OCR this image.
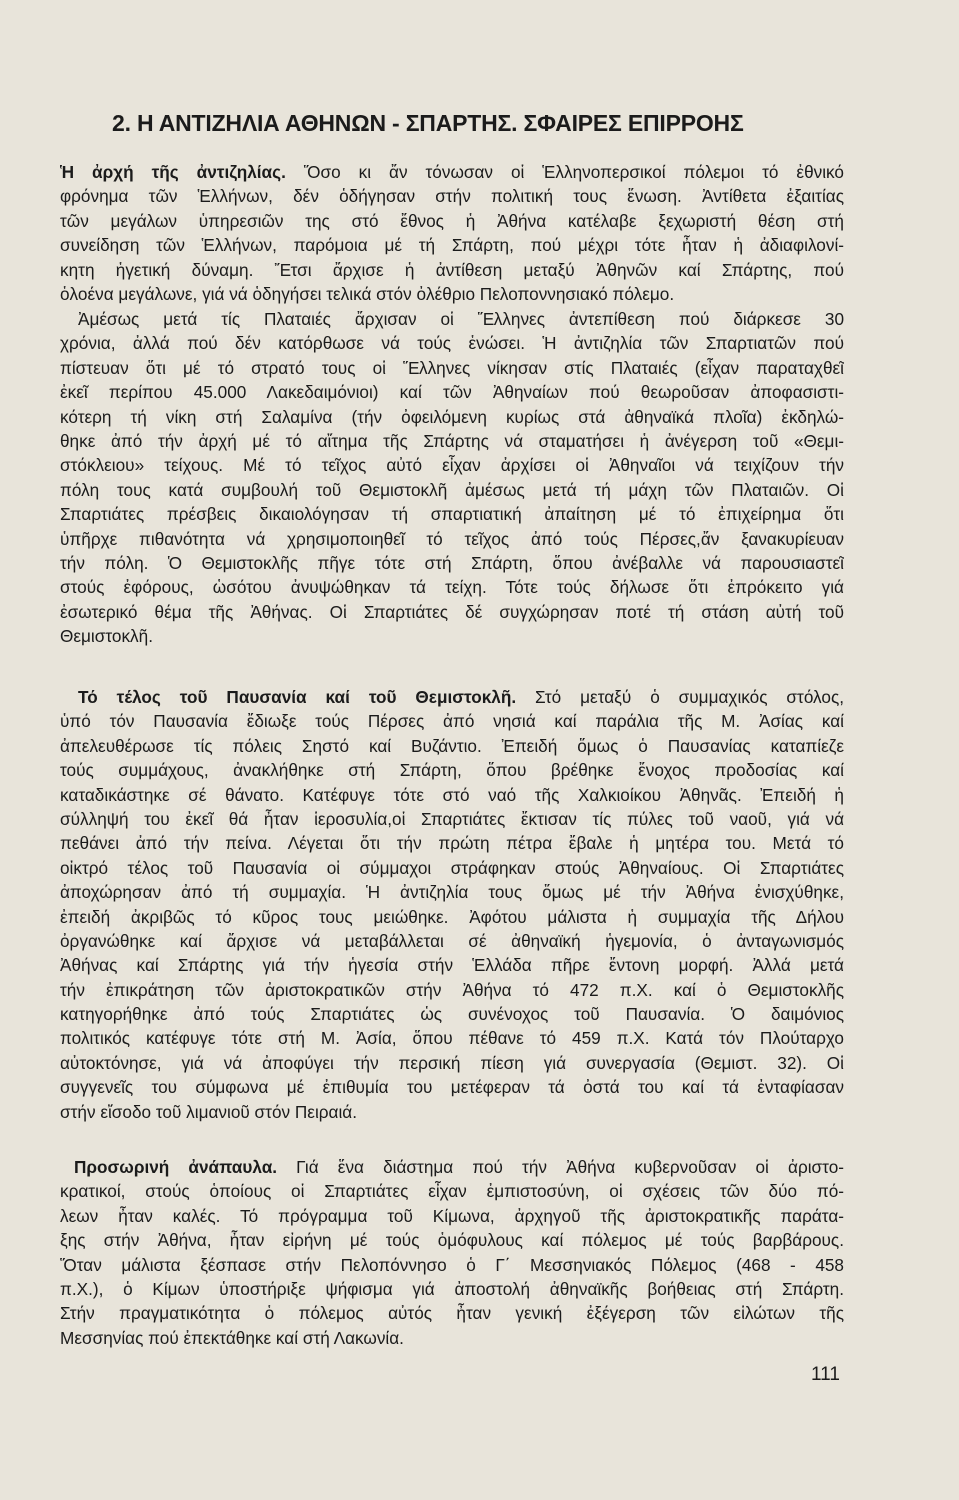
2. Η ΑΝΤΙΖΗΛΙΑ ΑΘΗΝΩΝ - ΣΠΑΡΤΗΣ. ΣΦΑΙΡΕΣ ΕΠΙΡΡΟΗΣ
Ἡ ἀρχή τῆς ἀντιζηλίας. Ὅσο κι ἄν τόνωσαν οἱ Ἑλληνοπερσικοί πόλεμοι τό ἐθνικό
φρόνημα τῶν Ἑλλήνων, δέν ὁδήγησαν στήν πολιτική τους ἕνωση. Ἀντίθετα ἐξαιτίας
τῶν μεγάλων ὑπηρεσιῶν της στό ἔθνος ἡ Ἀθήνα κατέλαβε ξεχωριστή θέση στή
συνείδηση τῶν Ἑλλήνων, παρόμοια μέ τή Σπάρτη, πού μέχρι τότε ἦταν ἡ ἀδιαφιλονί-
κητη ἡγετική δύναμη. Ἔτσι ἄρχισε ἡ ἀντίθεση μεταξύ Ἀθηνῶν καί Σπάρτης, πού
ὁλοένα μεγάλωνε, γιά νά ὁδηγήσει τελικά στόν ὀλέθριο Πελοποννησιακό πόλεμο.
Ἀμέσως μετά τίς Πλαταιές ἄρχισαν οἱ Ἕλληνες ἀντεπίθεση πού διάρκεσε 30
χρόνια, ἀλλά πού δέν κατόρθωσε νά τούς ἑνώσει. Ἡ ἀντιζηλία τῶν Σπαρτιατῶν πού
πίστευαν ὅτι μέ τό στρατό τους οἱ Ἕλληνες νίκησαν στίς Πλαταιές (εἶχαν παραταχθεῖ
ἐκεῖ περίπου 45.000 Λακεδαιμόνιοι) καί τῶν Ἀθηναίων πού θεωροῦσαν ἀποφασιστι-
κότερη τή νίκη στή Σαλαμίνα (τήν ὀφειλόμενη κυρίως στά ἀθηναϊκά πλοῖα) ἐκδηλώ-
θηκε ἀπό τήν ἀρχή μέ τό αἴτημα τῆς Σπάρτης νά σταματήσει ἡ ἀνέγερση τοῦ «Θεμι-
στόκλειου» τείχους. Μέ τό τεῖχος αὐτό εἶχαν ἀρχίσει οἱ Ἀθηναῖοι νά τειχίζουν τήν
πόλη τους κατά συμβουλή τοῦ Θεμιστοκλῆ ἀμέσως μετά τή μάχη τῶν Πλαταιῶν. Οἱ
Σπαρτιάτες πρέσβεις δικαιολόγησαν τή σπαρτιατική ἀπαίτηση μέ τό ἐπιχείρημα ὅτι
ὑπῆρχε πιθανότητα νά χρησιμοποιηθεῖ τό τεῖχος ἀπό τούς Πέρσες,ἄν ξανακυρίευαν
τήν πόλη. Ὁ Θεμιστοκλῆς πῆγε τότε στή Σπάρτη, ὅπου ἀνέβαλλε νά παρουσιαστεῖ
στούς ἐφόρους, ὡσότου ἀνυψώθηκαν τά τείχη. Τότε τούς δήλωσε ὅτι ἐπρόκειτο γιά
ἐσωτερικό θέμα τῆς Ἀθήνας. Οἱ Σπαρτιάτες δέ συγχώρησαν ποτέ τή στάση αὐτή τοῦ
Θεμιστοκλῆ.
Τό τέλος τοῦ Παυσανία καί τοῦ Θεμιστοκλῆ. Στό μεταξύ ὁ συμμαχικός στόλος,
ὑπό τόν Παυσανία ἔδιωξε τούς Πέρσες ἀπό νησιά καί παράλια τῆς Μ. Ἀσίας καί
ἀπελευθέρωσε τίς πόλεις Σηστό καί Βυζάντιο. Ἐπειδή ὅμως ὁ Παυσανίας καταπίεζε
τούς συμμάχους, ἀνακλήθηκε στή Σπάρτη, ὅπου βρέθηκε ἔνοχος προδοσίας καί
καταδικάστηκε σέ θάνατο. Κατέφυγε τότε στό ναό τῆς Χαλκιοίκου Ἀθηνᾶς. Ἐπειδή ἡ
σύλληψή του ἐκεῖ θά ἦταν ἱεροσυλία,οἱ Σπαρτιάτες ἔκτισαν τίς πύλες τοῦ ναοῦ, γιά νά
πεθάνει ἀπό τήν πείνα. Λέγεται ὅτι τήν πρώτη πέτρα ἔβαλε ἡ μητέρα του. Μετά τό
οἰκτρό τέλος τοῦ Παυσανία οἱ σύμμαχοι στράφηκαν στούς Ἀθηναίους. Οἱ Σπαρτιάτες
ἀποχώρησαν ἀπό τή συμμαχία. Ἡ ἀντιζηλία τους ὅμως μέ τήν Ἀθήνα ἐνισχύθηκε,
ἐπειδή ἀκριβῶς τό κῦρος τους μειώθηκε. Ἀφότου μάλιστα ἡ συμμαχία τῆς Δήλου
ὀργανώθηκε καί ἄρχισε νά μεταβάλλεται σέ ἀθηναϊκή ἡγεμονία, ὁ ἀνταγωνισμός
Ἀθήνας καί Σπάρτης γιά τήν ἡγεσία στήν Ἑλλάδα πῆρε ἔντονη μορφή. Ἀλλά μετά
τήν ἐπικράτηση τῶν ἀριστοκρατικῶν στήν Ἀθήνα τό 472 π.Χ. καί ὁ Θεμιστοκλῆς
κατηγορήθηκε ἀπό τούς Σπαρτιάτες ὡς συνένοχος τοῦ Παυσανία. Ὁ δαιμόνιος
πολιτικός κατέφυγε τότε στή Μ. Ἀσία, ὅπου πέθανε τό 459 π.Χ. Κατά τόν Πλούταρχο
αὐτοκτόνησε, γιά νά ἀποφύγει τήν περσική πίεση γιά συνεργασία (Θεμιστ. 32). Οἱ
συγγενεῖς του σύμφωνα μέ ἐπιθυμία του μετέφεραν τά ὀστά του καί τά ἐνταφίασαν
στήν εἴσοδο τοῦ λιμανιοῦ στόν Πειραιά.
Προσωρινή ἀνάπαυλα. Γιά ἕνα διάστημα πού τήν Ἀθήνα κυβερνοῦσαν οἱ ἀριστο-
κρατικοί, στούς ὁποίους οἱ Σπαρτιάτες εἶχαν ἐμπιστοσύνη, οἱ σχέσεις τῶν δύο πό-
λεων ἦταν καλές. Τό πρόγραμμα τοῦ Κίμωνα, ἀρχηγοῦ τῆς ἀριστοκρατικῆς παράτα-
ξης στήν Ἀθήνα, ἦταν εἰρήνη μέ τούς ὁμόφυλους καί πόλεμος μέ τούς βαρβάρους.
Ὅταν μάλιστα ξέσπασε στήν Πελοπόννησο ὁ Γ΄ Μεσσηνιακός Πόλεμος (468 - 458
π.Χ.), ὁ Κίμων ὑποστήριξε ψήφισμα γιά ἀποστολή ἀθηναϊκῆς βοήθειας στή Σπάρτη.
Στήν πραγματικότητα ὁ πόλεμος αὐτός ἦταν γενική ἐξέγερση τῶν εἱλώτων τῆς
Μεσσηνίας πού ἐπεκτάθηκε καί στή Λακωνία.
111
